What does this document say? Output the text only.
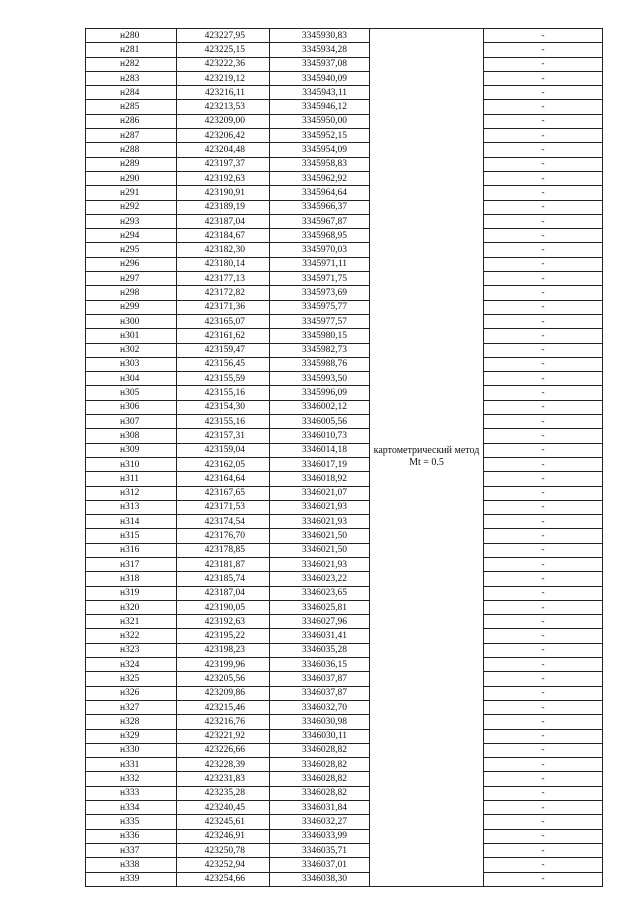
н280	423227,95	3345930,83	картометрический метод Mt = 0.5	-
н281	423225,15	3345934,28		-
н282	423222,36	3345937,08		-
н283	423219,12	3345940,09		-
н284	423216,11	3345943,11		-
н285	423213,53	3345946,12		-
н286	423209,00	3345950,00		-
н287	423206,42	3345952,15		-
н288	423204,48	3345954,09		-
н289	423197,37	3345958,83		-
н290	423192,63	3345962,92		-
н291	423190,91	3345964,64		-
н292	423189,19	3345966,37		-
н293	423187,04	3345967,87		-
н294	423184,67	3345968,95		-
н295	423182,30	3345970,03		-
н296	423180,14	3345971,11		-
н297	423177,13	3345971,75		-
н298	423172,82	3345973,69		-
н299	423171,36	3345975,77		-
н300	423165,07	3345977,57		-
н301	423161,62	3345980,15		-
н302	423159,47	3345982,73		-
н303	423156,45	3345988,76		-
н304	423155,59	3345993,50		-
н305	423155,16	3345996,09		-
н306	423154,30	3346002,12		-
н307	423155,16	3346005,56		-
н308	423157,31	3346010,73		-
н309	423159,04	3346014,18		-
н310	423162,05	3346017,19		-
н311	423164,64	3346018,92		-
н312	423167,65	3346021,07		-
н313	423171,53	3346021,93		-
н314	423174,54	3346021,93		-
н315	423176,70	3346021,50		-
н316	423178,85	3346021,50		-
н317	423181,87	3346021,93		-
н318	423185,74	3346023,22		-
н319	423187,04	3346023,65		-
н320	423190,05	3346025,81		-
н321	423192,63	3346027,96		-
н322	423195,22	3346031,41		-
н323	423198,23	3346035,28		-
н324	423199,96	3346036,15		-
н325	423205,56	3346037,87		-
н326	423209,86	3346037,87		-
н327	423215,46	3346032,70		-
н328	423216,76	3346030,98		-
н329	423221,92	3346030,11		-
н330	423226,66	3346028,82		-
н331	423228,39	3346028,82		-
н332	423231,83	3346028,82		-
н333	423235,28	3346028,82		-
н334	423240,45	3346031,84		-
н335	423245,61	3346032,27		-
н336	423246,91	3346033,99		-
н337	423250,78	3346035,71		-
н338	423252,94	3346037,01		-
н339	423254,66	3346038,30		-
